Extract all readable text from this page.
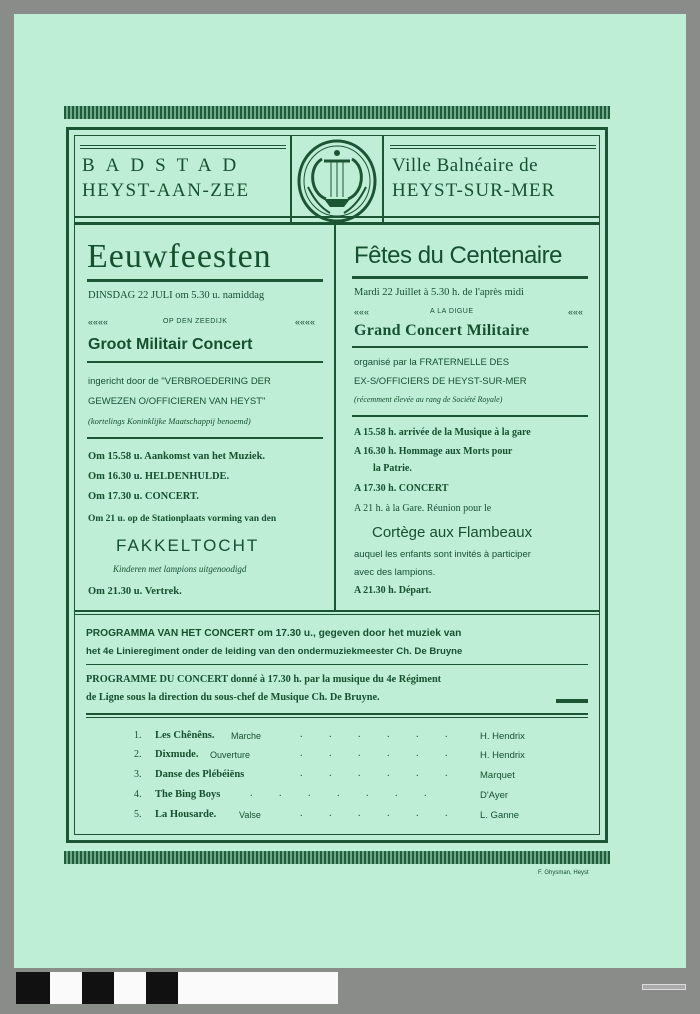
BADSTAD
HEYST-AAN-ZEE
Ville Balnéaire de
HEYST-SUR-MER
Eeuwfeesten
DINSDAG 22 JULI om 5.30 u. namiddag
««««	OP DEN ZEEDIJK	««««
Groot Militair Concert
ingericht door de "VERBROEDERING DER
GEWEZEN O/OFFICIEREN VAN HEYST"
(kortelings Koninklijke Maatschappij benoemd)
Om 15.58 u. Aankomst van het Muziek.
Om 16.30 u. HELDENHULDE.
Om 17.30 u. CONCERT.
Om 21 u. op de Stationplaats vorming van den
FAKKELTOCHT
Kinderen met lampions uitgenoodigd
Om 21.30 u. Vertrek.
Fêtes du Centenaire
Mardi 22 Juillet à 5.30 h. de l'après midi
«««	A LA DIGUE	«««
Grand Concert Militaire
organisé par la FRATERNELLE DES
EX-S/OFFICIERS DE HEYST-SUR-MER
(récemment élevée au rang de Société Royale)
A 15.58 h. arrivée de la Musique à la gare
A 16.30 h. Hommage aux Morts pour
la Patrie.
A 17.30 h. CONCERT
A 21 h. à la Gare. Réunion pour le
Cortège aux Flambeaux
auquel les enfants sont invités à participer
avec des lampions.
A 21.30 h. Départ.
PROGRAMMA VAN HET CONCERT om 17.30 u., gegeven door het muziek van
het 4e Linieregiment onder de leiding van den ondermuziekmeester Ch. De Bruyne
PROGRAMME DU CONCERT donné à 17.30 h. par la musique du 4e Régiment
de Ligne sous la direction du sous-chef de Musique Ch. De Bruyne.
1. Les Chênêns. Marche	. . . . . . H. Hendrix
2. Dixmude. Ouverture	. . . . . . H. Hendrix
3. Danse des Plébéiëns	. . . . . . Marquet
4. The Bing Boys	. . . . . . .	D'Ayer
5. La Housarde.	Valse	. . . . . . L. Ganne
F. Ghysman, Heyst
